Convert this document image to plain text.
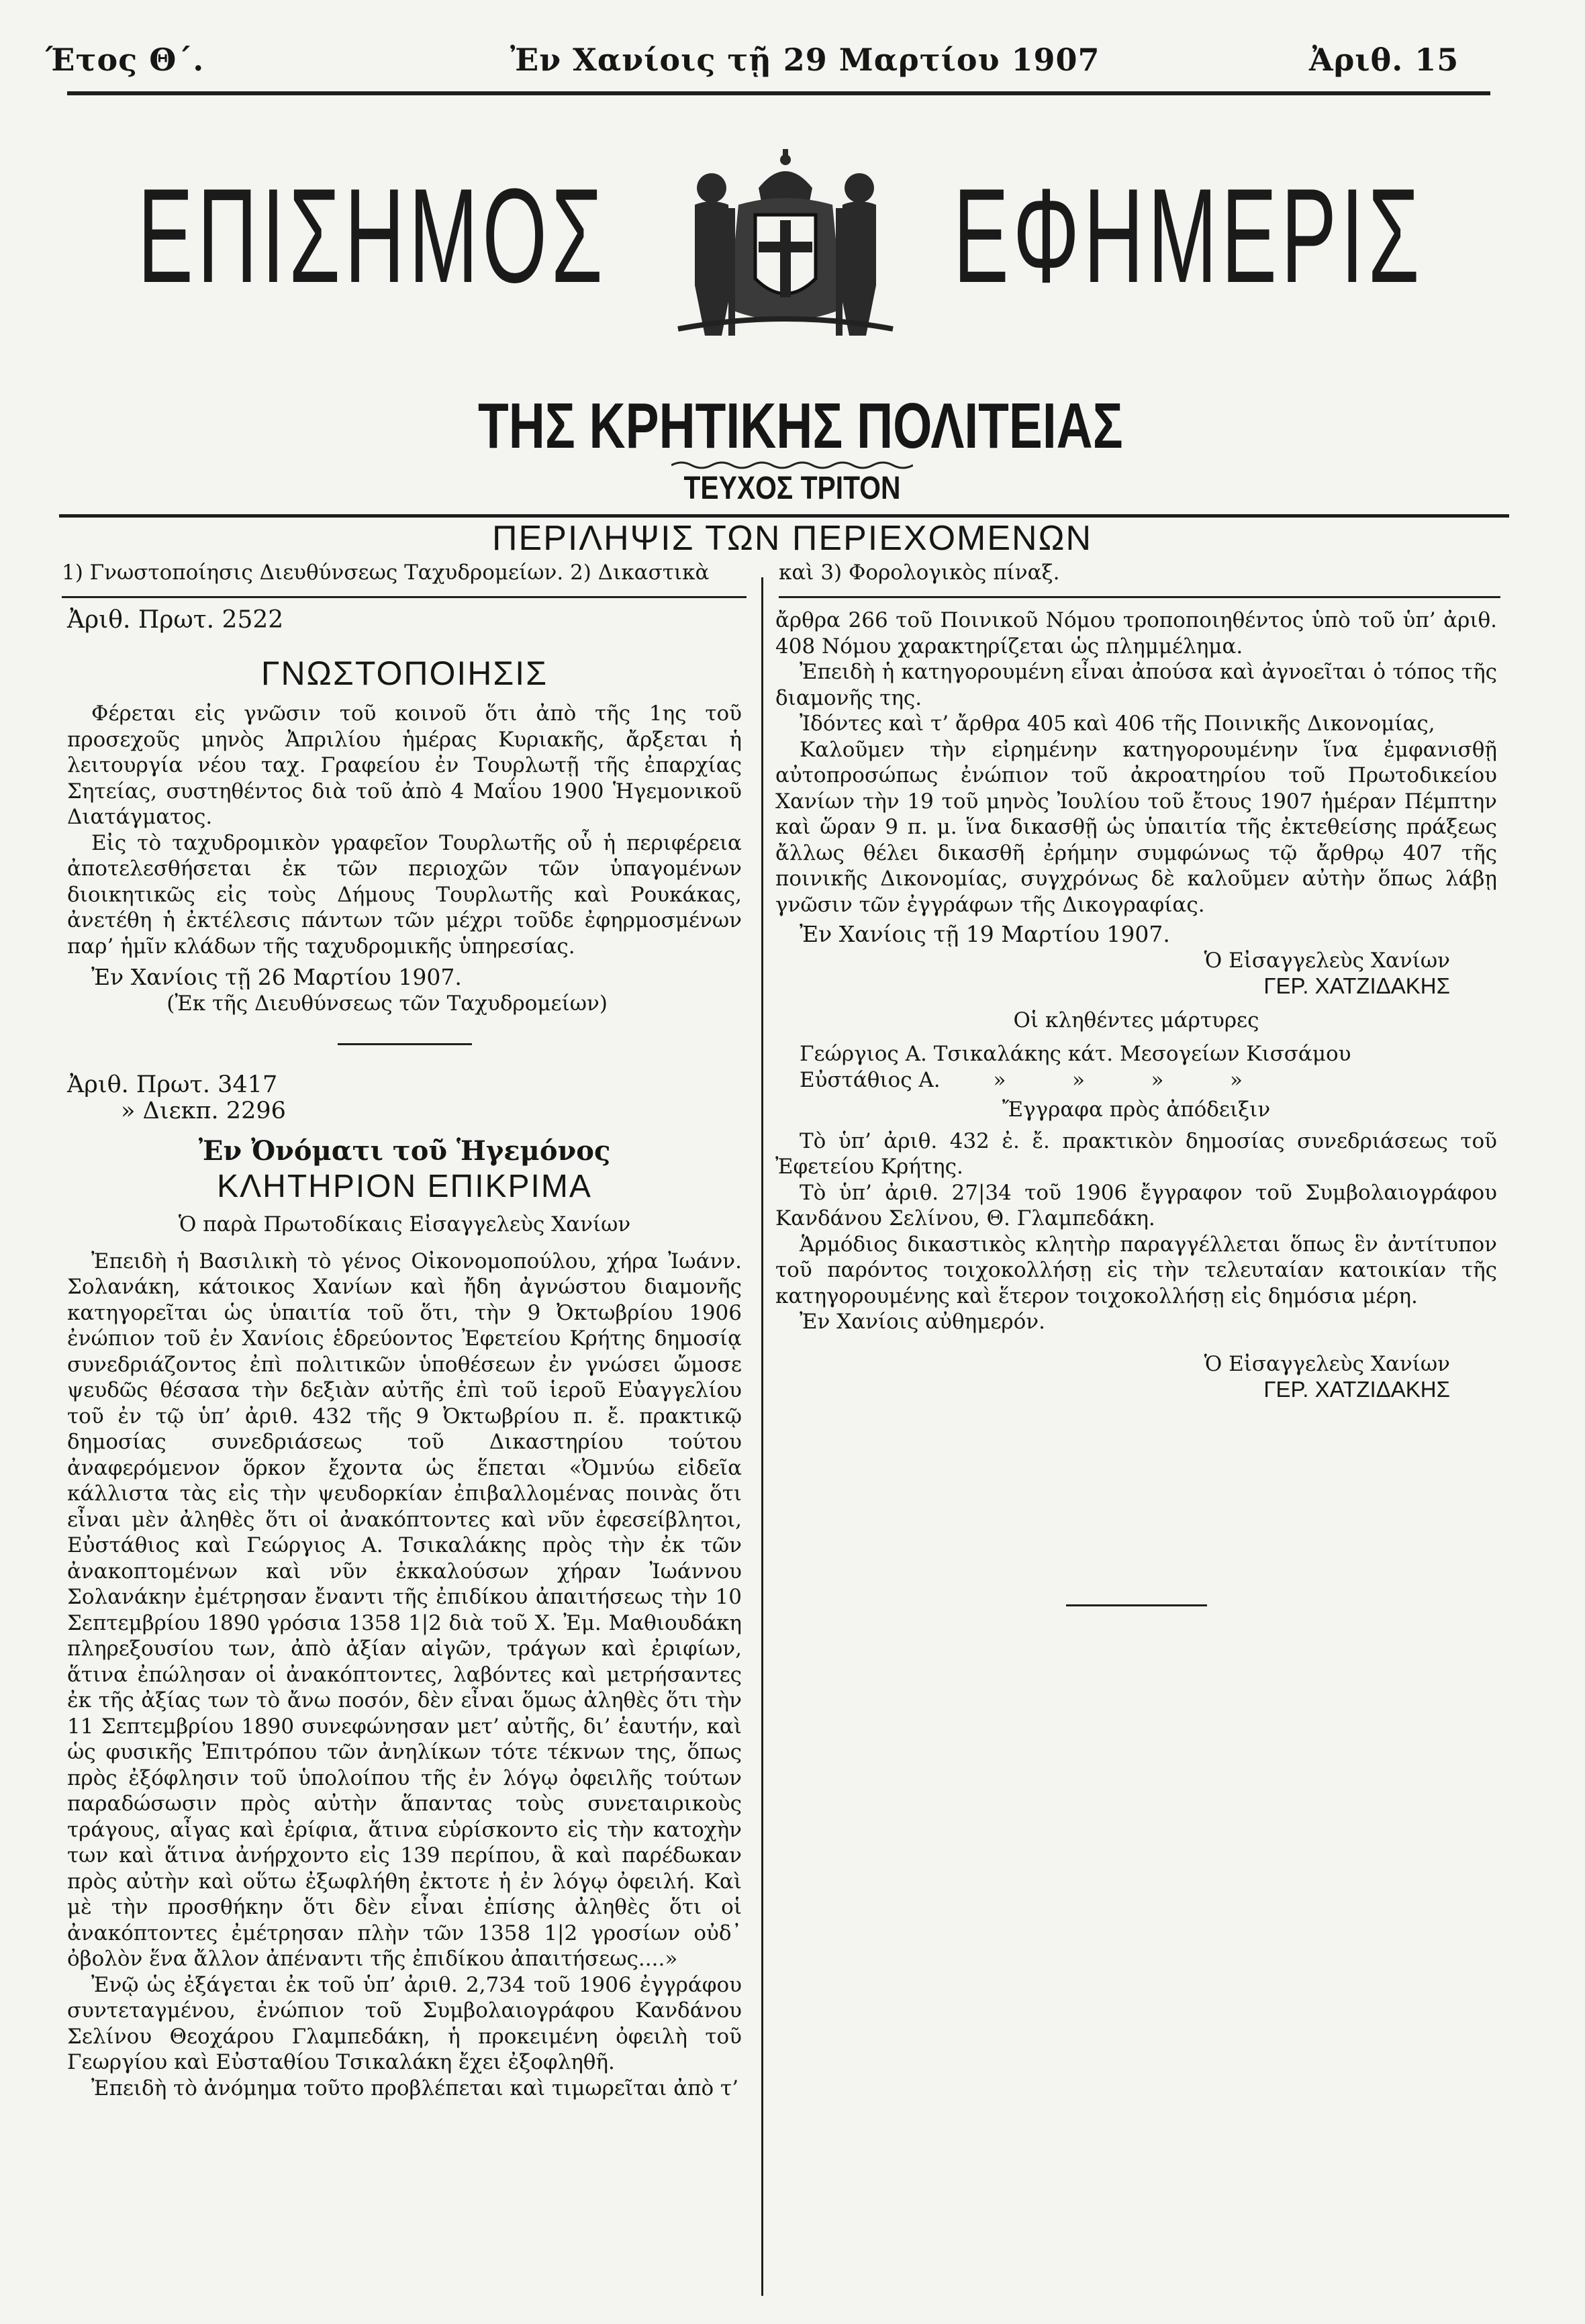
Έτος Θ΄.	Ἐν Χανίοις τῇ 29 Μαρτίου 1907	Ἀριθ. 15
ΕΠΙΣΗΜΟΣ	ΕΦΗΜΕΡΙΣ
ΤΗΣ ΚΡΗΤΙΚΗΣ ΠΟΛΙΤΕΙΑΣ
ΤΕΥΧΟΣ ΤΡΙΤΟΝ
ΠΕΡΙΛΗΨΙΣ ΤΩΝ ΠΕΡΙΕΧΟΜΕΝΩΝ
1) Γνωστοποίησις Διευθύνσεως Ταχυδρομείων. 2) Δικαστικὰ	καὶ 3) Φορολογικὸς πίναξ.

Ἀριθ. Πρωτ. 2522

ΓΝΩΣΤΟΠΟΙΗΣΙΣ

Φέρεται εἰς γνῶσιν τοῦ κοινοῦ ὅτι ἀπὸ τῆς 1ης τοῦ προσεχοῦς μηνὸς Ἀπριλίου ἡμέρας Κυριακῆς, ἄρξεται ἡ λειτουργία νέου ταχ. Γραφείου ἐν Τουρλωτῇ τῆς ἐπαρχίας Σητείας, συστηθέντος διὰ τοῦ ἀπὸ 4 Μαΐου 1900 Ἡγεμονικοῦ Διατάγματος.

Εἰς τὸ ταχυδρομικὸν γραφεῖον Τουρλωτῆς οὗ ἡ περιφέρεια ἀποτελεσθήσεται ἐκ τῶν περιοχῶν τῶν ὑπαγομένων διοικητικῶς εἰς τοὺς Δήμους Τουρλωτῆς καὶ Ρουκάκας, ἀνετέθη ἡ ἐκτέλεσις πάντων τῶν μέχρι τοῦδε ἐφηρμοσμένων παρ’ ἡμῖν κλάδων τῆς ταχυδρομικῆς ὑπηρεσίας.

Ἐν Χανίοις τῇ 26 Μαρτίου 1907.

(Ἐκ τῆς Διευθύνσεως τῶν Ταχυδρομείων)

Ἀριθ. Πρωτ. 3417

» Διεκπ. 2296

Ἐν Ὀνόματι τοῦ Ἡγεμόνος

ΚΛΗΤΗΡΙΟΝ ΕΠΙΚΡΙΜΑ

Ὁ παρὰ Πρωτοδίκαις Εἰσαγγελεὺς Χανίων

Ἐπειδὴ ἡ Βασιλικὴ τὸ γένος Οἰκονομοπούλου, χήρα Ἰωάνν. Σολανάκη, κάτοικος Χανίων καὶ ἤδη ἀγνώστου διαμονῆς κατηγορεῖται ὡς ὑπαιτία τοῦ ὅτι, τὴν 9 Ὀκτωβρίου 1906 ἐνώπιον τοῦ ἐν Χανίοις ἑδρεύοντος Ἐφετείου Κρήτης δημοσίᾳ συνεδριάζοντος ἐπὶ πολιτικῶν ὑποθέσεων ἐν γνώσει ὤμοσε ψευδῶς θέσασα τὴν δεξιὰν αὐτῆς ἐπὶ τοῦ ἱεροῦ Εὐαγγελίου τοῦ ἐν τῷ ὑπ’ ἀριθ. 432 τῆς 9 Ὀκτωβρίου π. ἔ. πρακτικῷ δημοσίας συνεδριάσεως τοῦ Δικαστηρίου τούτου ἀναφερόμενον ὅρκον ἔχοντα ὡς ἕπεται «Ὀμνύω εἰδεῖα κάλλιστα τὰς εἰς τὴν ψευδορκίαν ἐπιβαλλομένας ποινὰς ὅτι εἶναι μὲν ἀληθὲς ὅτι οἱ ἀνακόπτοντες καὶ νῦν ἐφεσείβλητοι, Εὐστάθιος καὶ Γεώργιος Α. Τσικαλάκης πρὸς τὴν ἐκ τῶν ἀνακοπτομένων καὶ νῦν ἐκκαλούσων χήραν Ἰωάννου Σολανάκην ἐμέτρησαν ἔναντι τῆς ἐπιδίκου ἀπαιτήσεως τὴν 10 Σεπτεμβρίου 1890 γρόσια 1358 1|2 διὰ τοῦ Χ. Ἐμ. Μαθιουδάκη πληρεξουσίου των, ἀπὸ ἀξίαν αἰγῶν, τράγων καὶ ἐριφίων, ἅτινα ἐπώλησαν οἱ ἀνακόπτοντες, λαβόντες καὶ μετρήσαντες ἐκ τῆς ἀξίας των τὸ ἄνω ποσόν, δὲν εἶναι ὅμως ἀληθὲς ὅτι τὴν 11 Σεπτεμβρίου 1890 συνεφώνησαν μετ’ αὐτῆς, δι’ ἑαυτήν, καὶ ὡς φυσικῆς Ἐπιτρόπου τῶν ἀνηλίκων τότε τέκνων της, ὅπως πρὸς ἐξόφλησιν τοῦ ὑπολοίπου τῆς ἐν λόγῳ ὀφειλῆς τούτων παραδώσωσιν πρὸς αὐτὴν ἅπαντας τοὺς συνεταιρικοὺς τράγους, αἶγας καὶ ἐρίφια, ἅτινα εὑρίσκοντο εἰς τὴν κατοχὴν των καὶ ἅτινα ἀνήρχοντο εἰς 139 περίπου, ἃ καὶ παρέδωκαν πρὸς αὐτὴν καὶ οὕτω ἐξωφλήθη ἐκτοτε ἡ ἐν λόγῳ ὀφειλή. Καὶ μὲ τὴν προσθήκην ὅτι δὲν εἶναι ἐπίσης ἀληθὲς ὅτι οἱ ἀνακόπτοντες ἐμέτρησαν πλὴν τῶν 1358 1|2 γροσίων οὐδ᾽ ὀβολὸν ἕνα ἄλλον ἀπέναντι τῆς ἐπιδίκου ἀπαιτήσεως....»

Ἐνῷ ὡς ἐξάγεται ἐκ τοῦ ὑπ’ ἀριθ. 2,734 τοῦ 1906 ἐγγράφου συντεταγμένου, ἐνώπιον τοῦ Συμβολαιογράφου Κανδάνου Σελίνου Θεοχάρου Γλαμπεδάκη, ἡ προκειμένη ὀφειλὴ τοῦ Γεωργίου καὶ Εὐσταθίου Τσικαλάκη ἔχει ἐξοφληθῆ.

Ἐπειδὴ τὸ ἀνόμημα τοῦτο προβλέπεται καὶ τιμωρεῖται ἀπὸ τ’

ἄρθρα 266 τοῦ Ποινικοῦ Νόμου τροποποιηθέντος ὑπὸ τοῦ ὑπ’ ἀριθ. 408 Νόμου χαρακτηρίζεται ὡς πλημμέλημα.

Ἐπειδὴ ἡ κατηγορουμένη εἶναι ἀπούσα καὶ ἀγνοεῖται ὁ τόπος τῆς διαμονῆς της.

Ἰδόντες καὶ τ’ ἄρθρα 405 καὶ 406 τῆς Ποινικῆς Δικονομίας,

Καλοῦμεν τὴν εἰρημένην κατηγορουμένην ἵνα ἐμφανισθῇ αὐτοπροσώπως ἐνώπιον τοῦ ἀκροατηρίου τοῦ Πρωτοδικείου Χανίων τὴν 19 τοῦ μηνὸς Ἰουλίου τοῦ ἔτους 1907 ἡμέραν Πέμπτην καὶ ὥραν 9 π. μ. ἵνα δικασθῇ ὡς ὑπαιτία τῆς ἐκτεθείσης πράξεως ἄλλως θέλει δικασθῆ ἐρήμην συμφώνως τῷ ἄρθρῳ 407 τῆς ποινικῆς Δικονομίας, συγχρόνως δὲ καλοῦμεν αὐτὴν ὅπως λάβῃ γνῶσιν τῶν ἐγγράφων τῆς Δικογραφίας.

Ἐν Χανίοις τῇ 19 Μαρτίου 1907.

Ὁ Εἰσαγγελεὺς Χανίων

ΓΕΡ. ΧΑΤΖΙΔΑΚΗΣ

Οἱ κληθέντες μάρτυρες

Γεώργιος Α. Τσικαλάκης κάτ. Μεσογείων Κισσάμου

Εὐστάθιος Α.	»          »          »          »

Ἔγγραφα πρὸς ἀπόδειξιν

Τὸ ὑπ’ ἀριθ. 432 ἐ. ἔ. πρακτικὸν δημοσίας συνεδριάσεως τοῦ Ἐφετείου Κρήτης.

Τὸ ὑπ’ ἀριθ. 27|34 τοῦ 1906 ἔγγραφον τοῦ Συμβολαιογράφου Κανδάνου Σελίνου, Θ. Γλαμπεδάκη.

Ἁρμόδιος δικαστικὸς κλητὴρ παραγγέλλεται ὅπως ἓν ἀντίτυπον τοῦ παρόντος τοιχοκολλήσῃ εἰς τὴν τελευταίαν κατοικίαν τῆς κατηγορουμένης καὶ ἕτερον τοιχοκολλήσῃ εἰς δημόσια μέρη.

Ἐν Χανίοις αὐθημερόν.

Ὁ Εἰσαγγελεὺς Χανίων

ΓΕΡ. ΧΑΤΖΙΔΑΚΗΣ
